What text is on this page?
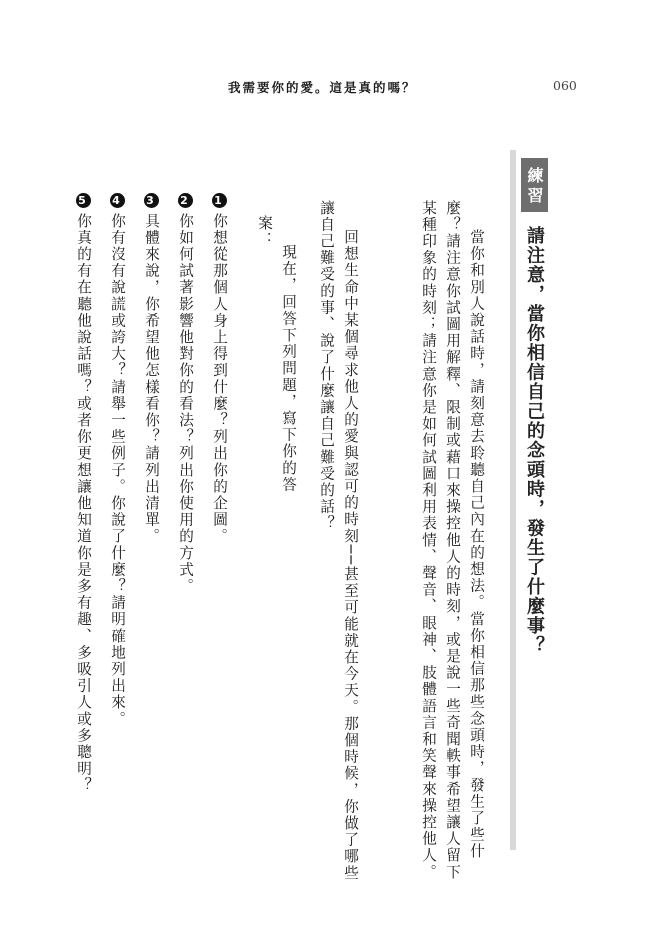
我需要你的愛。這是真的嗎？	060
練習
請注意，當你相信自己的念頭時，發生了什麼事？
當你和別人說話時，請刻意去聆聽自己內在的想法。當你相信那些念頭時，發生了些什麼？請注意你試圖用解釋、限制或藉口來操控他人的時刻，或是說一些奇聞軼事希望讓人留下某種印象的時刻；請注意你是如何試圖利用表情、聲音、眼神、肢體語言和笑聲來操控他人。
回想生命中某個尋求他人的愛與認可的時刻──甚至可能就在今天。那個時候，你做了哪些讓自己難受的事、說了什麼讓自己難受的話？
現在，回答下列問題，寫下你的答案：
1你想從那個人身上得到什麼？列出你的企圖。
2你如何試著影響他對你的看法？列出你使用的方式。
3具體來說，你希望他怎樣看你？請列出清單。
4你有沒有說謊或誇大？請舉一些例子。你說了什麼？請明確地列出來。
5你真的有在聽他說話嗎？或者你更想讓他知道你是多有趣、多吸引人或多聰明？
